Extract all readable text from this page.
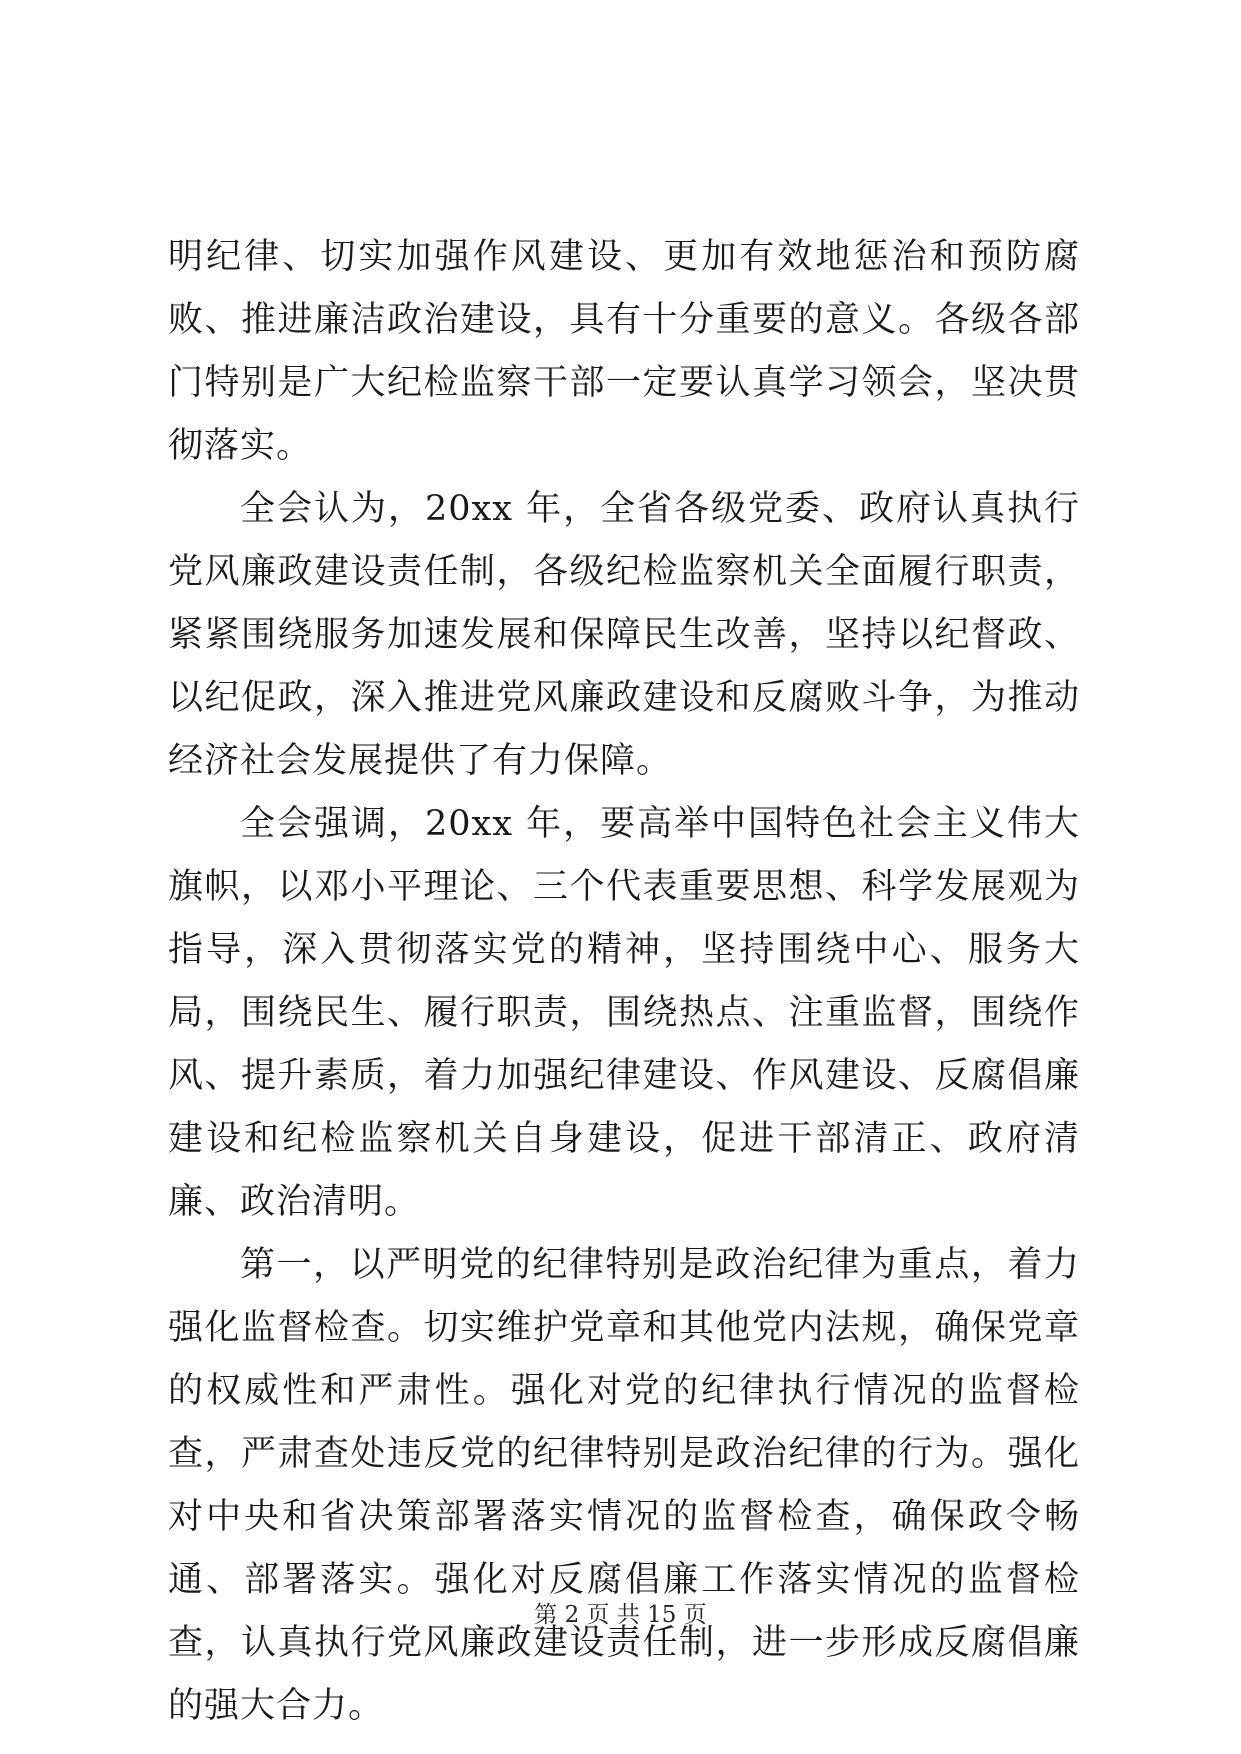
明纪律、切实加强作风建设、更加有效地惩治和预防腐败、推进廉洁政治建设，具有十分重要的意义。各级各部门特别是广大纪检监察干部一定要认真学习领会，坚决贯彻落实。

全会认为，20xx 年，全省各级党委、政府认真执行党风廉政建设责任制，各级纪检监察机关全面履行职责，紧紧围绕服务加速发展和保障民生改善，坚持以纪督政、以纪促政，深入推进党风廉政建设和反腐败斗争，为推动经济社会发展提供了有力保障。

全会强调，20xx 年，要高举中国特色社会主义伟大旗帜，以邓小平理论、三个代表重要思想、科学发展观为指导，深入贯彻落实党的精神，坚持围绕中心、服务大局，围绕民生、履行职责，围绕热点、注重监督，围绕作风、提升素质，着力加强纪律建设、作风建设、反腐倡廉建设和纪检监察机关自身建设，促进干部清正、政府清廉、政治清明。

第一，以严明党的纪律特别是政治纪律为重点，着力强化监督检查。切实维护党章和其他党内法规，确保党章的权威性和严肃性。强化对党的纪律执行情况的监督检查，严肃查处违反党的纪律特别是政治纪律的行为。强化对中央和省决策部署落实情况的监督检查，确保政令畅通、部署落实。强化对反腐倡廉工作落实情况的监督检查，认真执行党风廉政建设责任制，进一步形成反腐倡廉的强大合力。

第 2 页 共 15 页
